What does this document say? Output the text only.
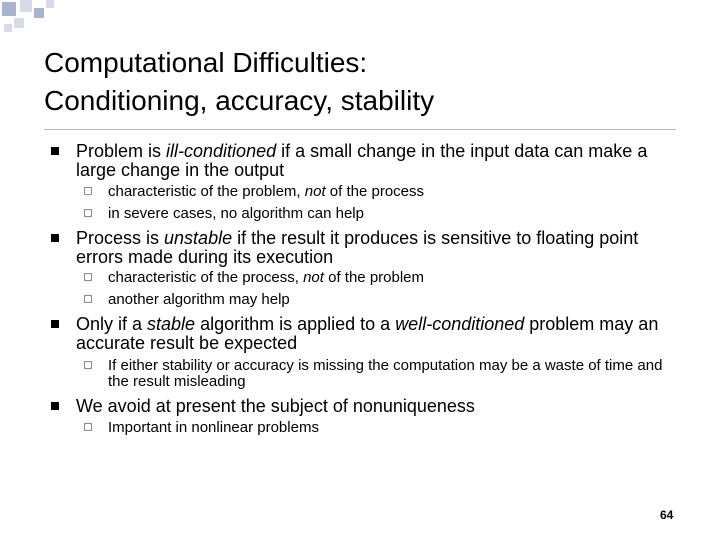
Computational Difficulties:
Conditioning, accuracy, stability
Problem is ill-conditioned if a small change in the input data can make a large change in the output
characteristic of the problem, not of the process
in severe cases, no algorithm can help
Process is unstable if the result it produces is sensitive to floating point errors made during its execution
characteristic of the process, not of the problem
another algorithm may help
Only if a stable algorithm is applied to a well-conditioned problem may an accurate result be expected
If either stability or accuracy is missing the computation may be a waste of time and the result misleading
We avoid at present the subject of nonuniqueness
Important in nonlinear problems
64
